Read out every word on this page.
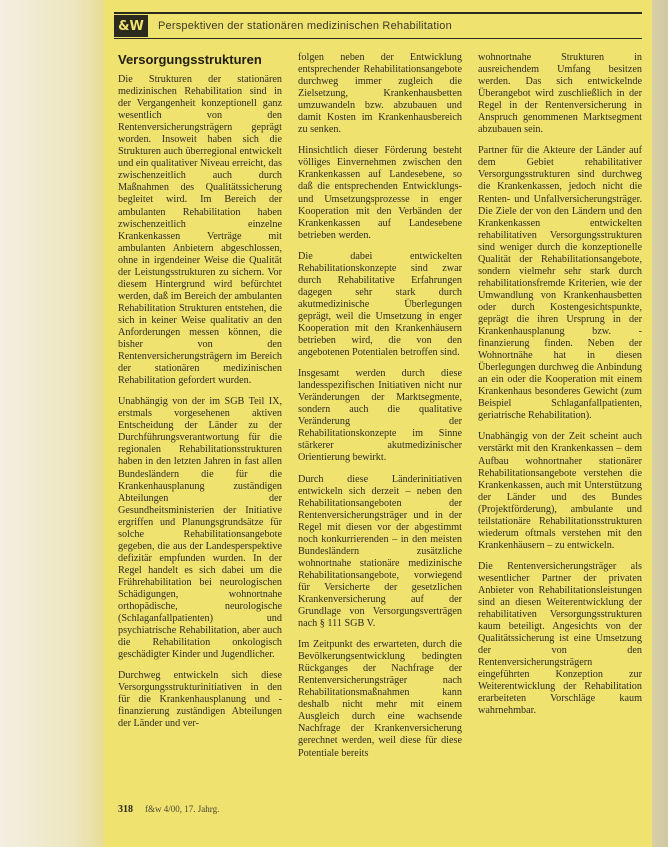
&W	Perspektiven der stationären medizinischen Rehabilitation
Versorgungsstrukturen

Die Strukturen der stationären medizinischen Rehabilitation sind in der Vergangenheit konzeptionell ganz wesentlich von den Rentenversicherungsträgern geprägt worden. Insoweit haben sich die Strukturen auch überregional entwickelt und ein qualitativer Niveau erreicht, das zwischenzeitlich auch durch Maßnahmen des Qualitätssicherung begleitet wird. Im Bereich der ambulanten Rehabilitation haben zwischenzeitlich einzelne Krankenkassen Verträge mit ambulanten Anbietern abgeschlossen, ohne in irgendeiner Weise die Qualität der Leistungsstrukturen zu sichern. Vor diesem Hintergrund wird befürchtet werden, daß im Bereich der ambulanten Rehabilitation Strukturen entstehen, die sich in keiner Weise qualitativ an den Anforderungen messen können, die bisher von den Rentenversicherungsträgern im Bereich der stationären medizinischen Rehabilitation gefordert wurden.

Unabhängig von der im SGB Teil IX, erstmals vorgesehenen aktiven Entscheidung der Länder zu der Durchführungsverantwortung für die regionalen Rehabilitationsstrukturen haben in den letzten Jahren in fast allen Bundesländern die für die Krankenhausplanung zuständigen Abteilungen der Gesundheitsministerien der Initiative ergriffen und Planungsgrundsätze für solche Rehabilitationsangebote gegeben, die aus der Landesperspektive defizitär empfunden wurden. In der Regel handelt es sich dabei um die Frührehabilitation bei neurologischen Schädigungen, wohnortnahe orthopädische, neurologische (Schlaganfallpatienten) und psychiatrische Rehabilitation, aber auch die Rehabilitation onkologisch geschädigter Kinder und Jugendlicher.

Durchweg entwickeln sich diese Versorgungsstrukturinitiativen in den für die Krankenhausplanung und -finanzierung zuständigen Abteilungen der Länder und ver-

folgen neben der Entwicklung entsprechender Rehabilitationsangebote durchweg immer zugleich die Zielsetzung, Krankenhausbetten umzuwandeln bzw. abzubauen und damit Kosten im Krankenhausbereich zu senken.

Hinsichtlich dieser Förderung besteht völliges Einvernehmen zwischen den Krankenkassen auf Landesebene, so daß die entsprechenden Entwicklungs- und Umsetzungsprozesse in enger Kooperation mit den Verbänden der Krankenkassen auf Landesebene betrieben werden.

Die dabei entwickelten Rehabilitationskonzepte sind zwar durch Rehabilitative Erfahrungen dagegen sehr stark durch akutmedizinische Überlegungen geprägt, weil die Umsetzung in enger Kooperation mit den Krankenhäusern betrieben wird, die von den angebotenen Potentialen betroffen sind.

Insgesamt werden durch diese landesspezifischen Initiativen nicht nur Veränderungen der Marktsegmente, sondern auch die qualitative Veränderung der Rehabilitationskonzepte im Sinne stärkerer akutmedizinischer Orientierung bewirkt.

Durch diese Länderinitiativen entwickeln sich derzeit – neben den Rehabilitationsangeboten der Rentenversicherungsträger und in der Regel mit diesen vor der abgestimmt noch konkurrierenden – in den meisten Bundesländern zusätzliche wohnortnahe stationäre medizinische Rehabilitationsangebote, vorwiegend für Versicherte der gesetzlichen Krankenversicherung auf der Grundlage von Versorgungsverträgen nach § 111 SGB V.

Im Zeitpunkt des erwarteten, durch die Bevölkerungsentwicklung bedingten Rückganges der Nachfrage der Rentenversicherungsträger nach Rehabilitationsmaßnahmen kann deshalb nicht mehr mit einem Ausgleich durch eine wachsende Nachfrage der Krankenversicherung gerechnet werden, weil diese für diese Potentiale bereits

wohnortnahe Strukturen in ausreichendem Umfang besitzen werden. Das sich entwickelnde Überangebot wird zuschließlich in der Regel in der Rentenversicherung in Anspruch genommenen Marktsegment abzubauen sein.

Partner für die Akteure der Länder auf dem Gebiet rehabilitativer Versorgungsstrukturen sind durchweg die Krankenkassen, jedoch nicht die Renten- und Unfallversicherungsträger. Die Ziele der von den Ländern und den Krankenkassen entwickelten rehabilitativen Versorgungsstrukturen sind weniger durch die konzeptionelle Qualität der Rehabilitationsangebote, sondern vielmehr sehr stark durch rehabilitationsfremde Kriterien, wie der Umwandlung von Krankenhausbetten oder durch Kostengesichtspunkte, geprägt die ihren Ursprung in der Krankenhausplanung bzw. -finanzierung finden. Neben der Wohnortnähe hat in diesen Überlegungen durchweg die Anbindung an ein oder die Kooperation mit einem Krankenhaus besonderes Gewicht (zum Beispiel Schlaganfallpatienten, geriatrische Rehabilitation).

Unabhängig von der Zeit scheint auch verstärkt mit den Krankenkassen – dem Aufbau wohnortnaher stationärer Rehabilitationsangebote verstehen die Krankenkassen, auch mit Unterstützung der Länder und des Bundes (Projektförderung), ambulante und teilstationäre Rehabilitationsstrukturen wiederum oftmals verstehen mit den Krankenhäusern – zu entwickeln.

Die Rentenversicherungsträger als wesentlicher Partner der privaten Anbieter von Rehabilitationsleistungen sind an diesen Weiterentwicklung der rehabilitativen Versorgungsstrukturen kaum beteiligt. Angesichts von der Qualitätssicherung ist eine Umsetzung der von den Rentenversicherungsträgern eingeführten Konzeption zur Weiterentwicklung der Rehabilitation erarbeiteten Vorschläge kaum wahrnehmbar.

318 f&w 4/00, 17. Jahrg.
